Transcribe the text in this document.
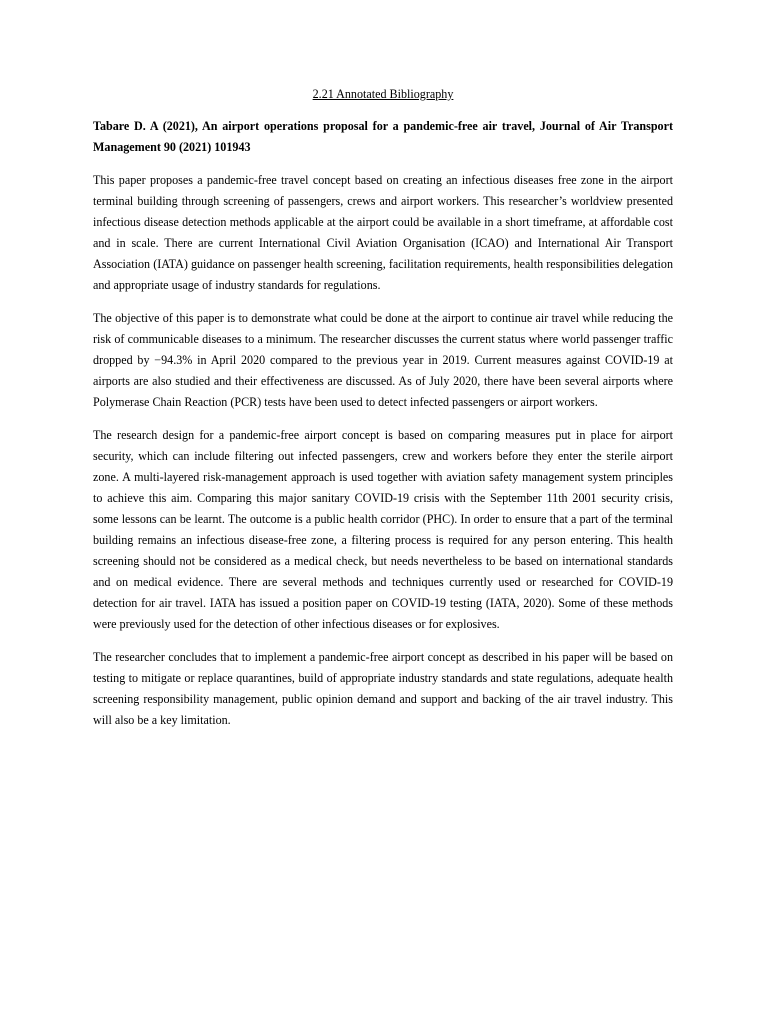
2.21 Annotated Bibliography

Tabare D. A (2021), An airport operations proposal for a pandemic-free air travel, Journal of Air Transport Management 90 (2021) 101943

This paper proposes a pandemic-free travel concept based on creating an infectious diseases free zone in the airport terminal building through screening of passengers, crews and airport workers. This researcher’s worldview presented infectious disease detection methods applicable at the airport could be available in a short timeframe, at affordable cost and in scale. There are current International Civil Aviation Organisation (ICAO) and International Air Transport Association (IATA) guidance on passenger health screening, facilitation requirements, health responsibilities delegation and appropriate usage of industry standards for regulations.

The objective of this paper is to demonstrate what could be done at the airport to continue air travel while reducing the risk of communicable diseases to a minimum. The researcher discusses the current status where world passenger traffic dropped by −94.3% in April 2020 compared to the previous year in 2019. Current measures against COVID-19 at airports are also studied and their effectiveness are discussed. As of July 2020, there have been several airports where Polymerase Chain Reaction (PCR) tests have been used to detect infected passengers or airport workers.

The research design for a pandemic-free airport concept is based on comparing measures put in place for airport security, which can include filtering out infected passengers, crew and workers before they enter the sterile airport zone. A multi-layered risk-management approach is used together with aviation safety management system principles to achieve this aim. Comparing this major sanitary COVID-19 crisis with the September 11th 2001 security crisis, some lessons can be learnt. The outcome is a public health corridor (PHC). In order to ensure that a part of the terminal building remains an infectious disease-free zone, a filtering process is required for any person entering. This health screening should not be considered as a medical check, but needs nevertheless to be based on international standards and on medical evidence. There are several methods and techniques currently used or researched for COVID-19 detection for air travel. IATA has issued a position paper on COVID-19 testing (IATA, 2020). Some of these methods were previously used for the detection of other infectious diseases or for explosives.

The researcher concludes that to implement a pandemic-free airport concept as described in his paper will be based on testing to mitigate or replace quarantines, build of appropriate industry standards and state regulations, adequate health screening responsibility management, public opinion demand and support and backing of the air travel industry. This will also be a key limitation.
